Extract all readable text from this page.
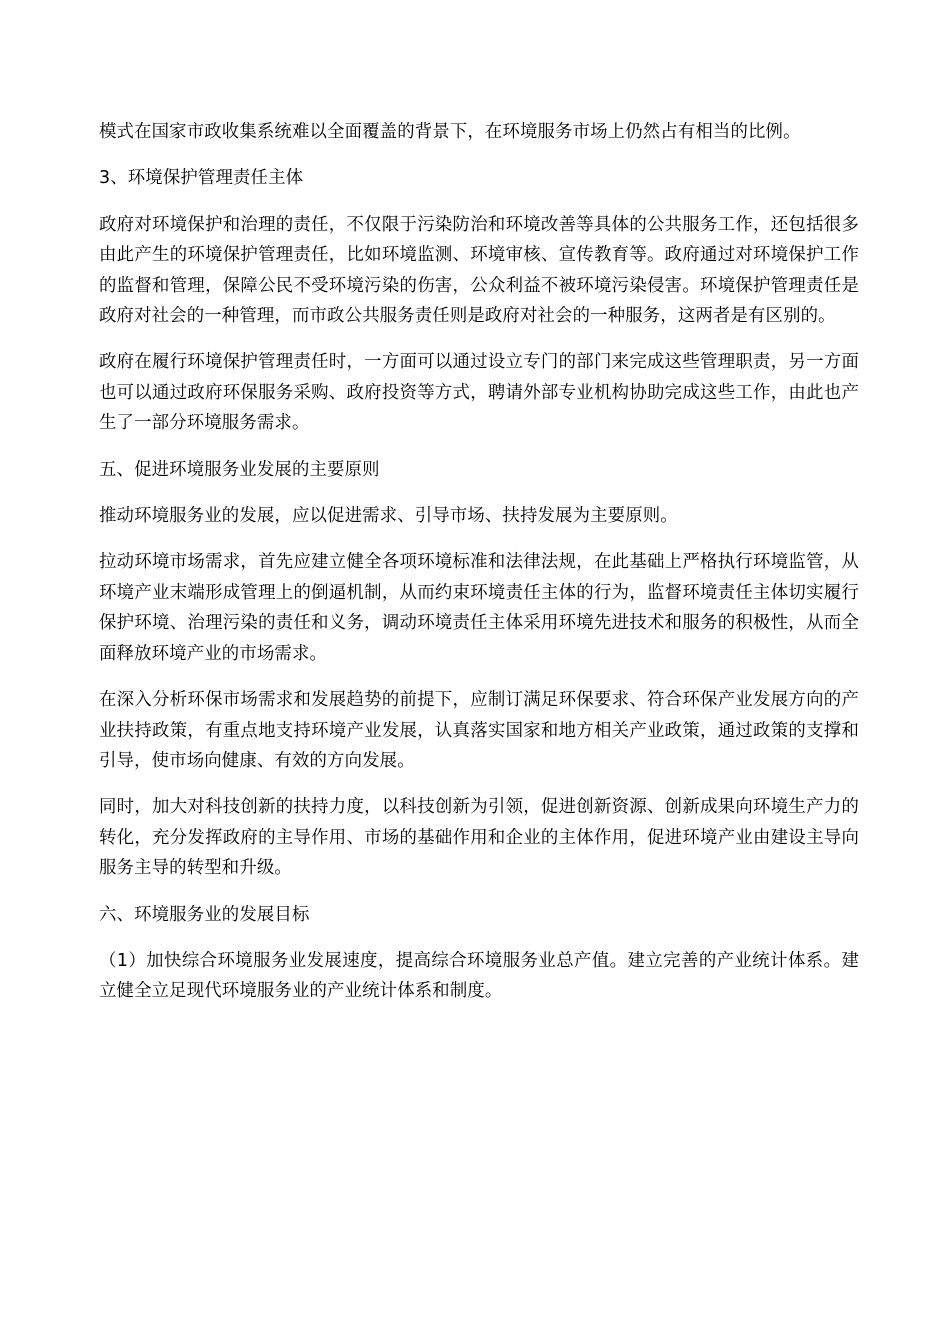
模式在国家市政收集系统难以全面覆盖的背景下，在环境服务市场上仍然占有相当的比例。

3、环境保护管理责任主体

政府对环境保护和治理的责任，不仅限于污染防治和环境改善等具体的公共服务工作，还包括很多由此产生的环境保护管理责任，比如环境监测、环境审核、宣传教育等。政府通过对环境保护工作的监督和管理，保障公民不受环境污染的伤害，公众利益不被环境污染侵害。环境保护管理责任是政府对社会的一种管理，而市政公共服务责任则是政府对社会的一种服务，这两者是有区别的。

政府在履行环境保护管理责任时，一方面可以通过设立专门的部门来完成这些管理职责，另一方面也可以通过政府环保服务采购、政府投资等方式，聘请外部专业机构协助完成这些工作，由此也产生了一部分环境服务需求。

五、促进环境服务业发展的主要原则

推动环境服务业的发展，应以促进需求、引导市场、扶持发展为主要原则。

拉动环境市场需求，首先应建立健全各项环境标准和法律法规，在此基础上严格执行环境监管，从环境产业末端形成管理上的倒逼机制，从而约束环境责任主体的行为，监督环境责任主体切实履行保护环境、治理污染的责任和义务，调动环境责任主体采用环境先进技术和服务的积极性，从而全面释放环境产业的市场需求。

在深入分析环保市场需求和发展趋势的前提下，应制订满足环保要求、符合环保产业发展方向的产业扶持政策，有重点地支持环境产业发展，认真落实国家和地方相关产业政策，通过政策的支撑和引导，使市场向健康、有效的方向发展。

同时，加大对科技创新的扶持力度，以科技创新为引领，促进创新资源、创新成果向环境生产力的转化，充分发挥政府的主导作用、市场的基础作用和企业的主体作用，促进环境产业由建设主导向服务主导的转型和升级。

六、环境服务业的发展目标

（1）加快综合环境服务业发展速度，提高综合环境服务业总产值。建立完善的产业统计体系。建立健全立足现代环境服务业的产业统计体系和制度。
